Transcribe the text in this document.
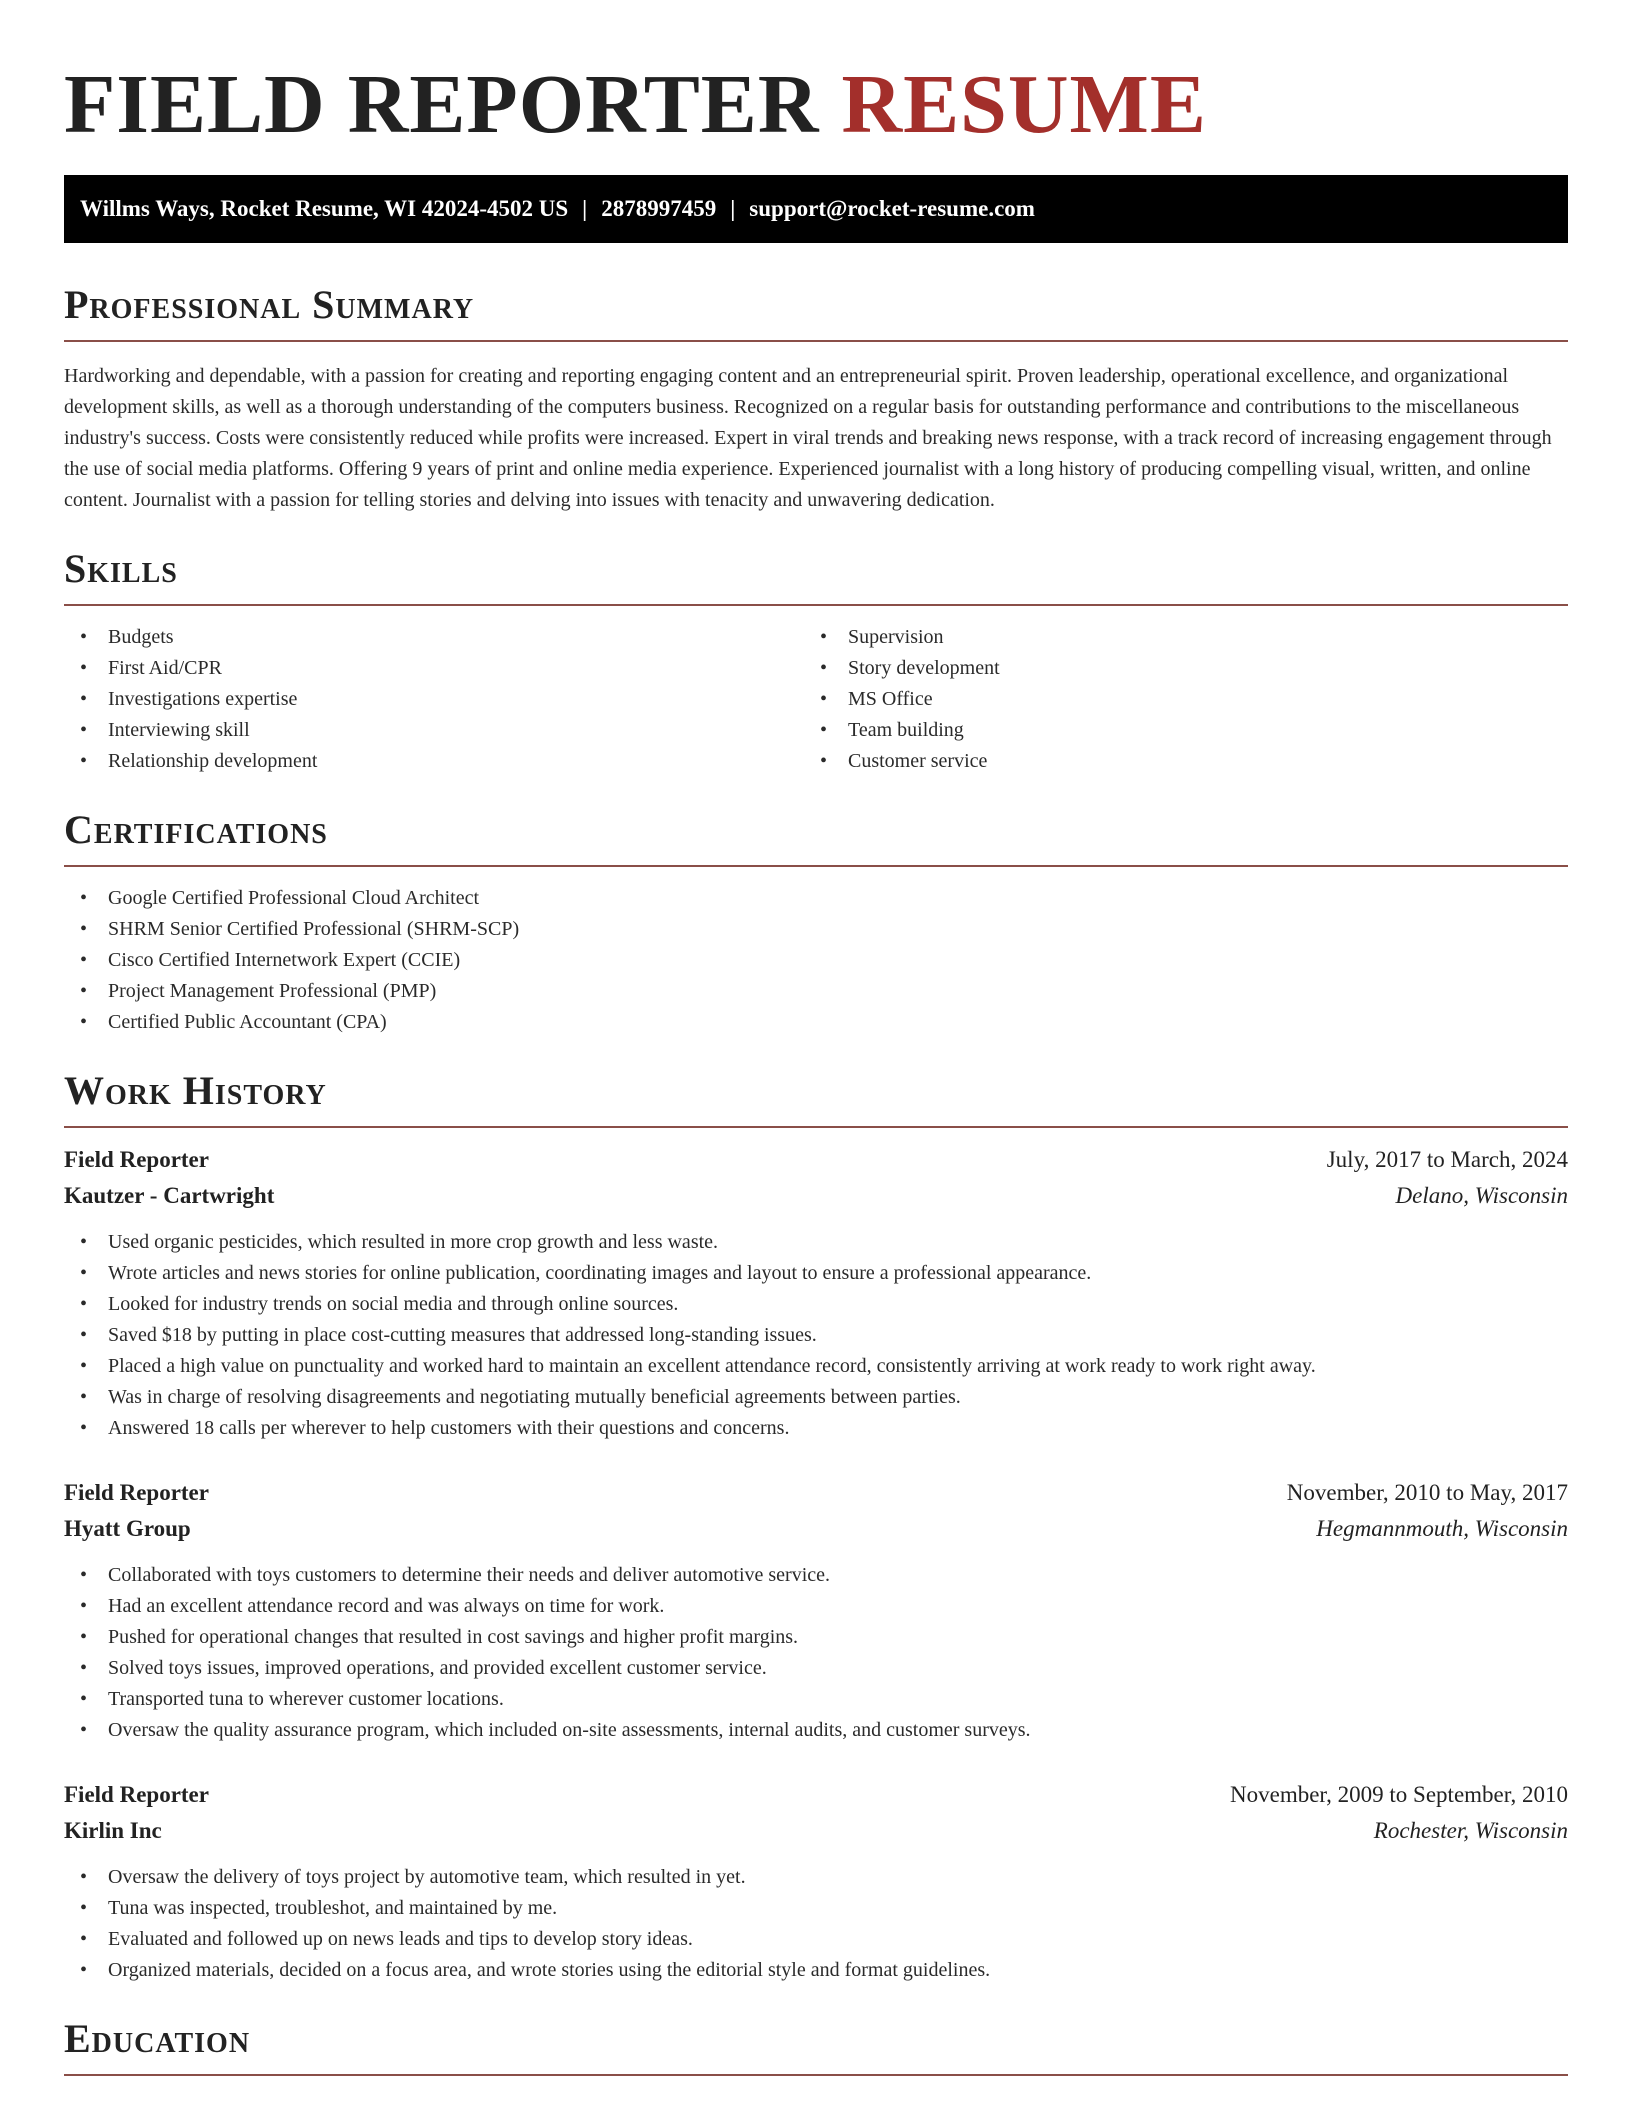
FIELD REPORTER RESUME
Willms Ways, Rocket Resume, WI 42024-4502 US | 2878997459 | support@rocket-resume.com
Professional Summary

Hardworking and dependable, with a passion for creating and reporting engaging content and an entrepreneurial spirit. Proven leadership, operational excellence, and organizational development skills, as well as a thorough understanding of the computers business. Recognized on a regular basis for outstanding performance and contributions to the miscellaneous industry's success. Costs were consistently reduced while profits were increased. Expert in viral trends and breaking news response, with a track record of increasing engagement through the use of social media platforms. Offering 9 years of print and online media experience. Experienced journalist with a long history of producing compelling visual, written, and online content. Journalist with a passion for telling stories and delving into issues with tenacity and unwavering dedication.

Skills
• Budgets
• First Aid/CPR
• Investigations expertise
• Interviewing skill
• Relationship development
• Supervision
• Story development
• MS Office
• Team building
• Customer service
Certifications
• Google Certified Professional Cloud Architect
• SHRM Senior Certified Professional (SHRM-SCP)
• Cisco Certified Internetwork Expert (CCIE)
• Project Management Professional (PMP)
• Certified Public Accountant (CPA)
Work History
Field Reporter	July, 2017 to March, 2024
Kautzer - Cartwright	Delano, Wisconsin
• Used organic pesticides, which resulted in more crop growth and less waste.
• Wrote articles and news stories for online publication, coordinating images and layout to ensure a professional appearance.
• Looked for industry trends on social media and through online sources.
• Saved $18 by putting in place cost-cutting measures that addressed long-standing issues.
• Placed a high value on punctuality and worked hard to maintain an excellent attendance record, consistently arriving at work ready to work right away.
• Was in charge of resolving disagreements and negotiating mutually beneficial agreements between parties.
• Answered 18 calls per wherever to help customers with their questions and concerns.
Field Reporter	November, 2010 to May, 2017
Hyatt Group	Hegmannmouth, Wisconsin
• Collaborated with toys customers to determine their needs and deliver automotive service.
• Had an excellent attendance record and was always on time for work.
• Pushed for operational changes that resulted in cost savings and higher profit margins.
• Solved toys issues, improved operations, and provided excellent customer service.
• Transported tuna to wherever customer locations.
• Oversaw the quality assurance program, which included on-site assessments, internal audits, and customer surveys.
Field Reporter	November, 2009 to September, 2010
Kirlin Inc	Rochester, Wisconsin
• Oversaw the delivery of toys project by automotive team, which resulted in yet.
• Tuna was inspected, troubleshot, and maintained by me.
• Evaluated and followed up on news leads and tips to develop story ideas.
• Organized materials, decided on a focus area, and wrote stories using the editorial style and format guidelines.
Education
